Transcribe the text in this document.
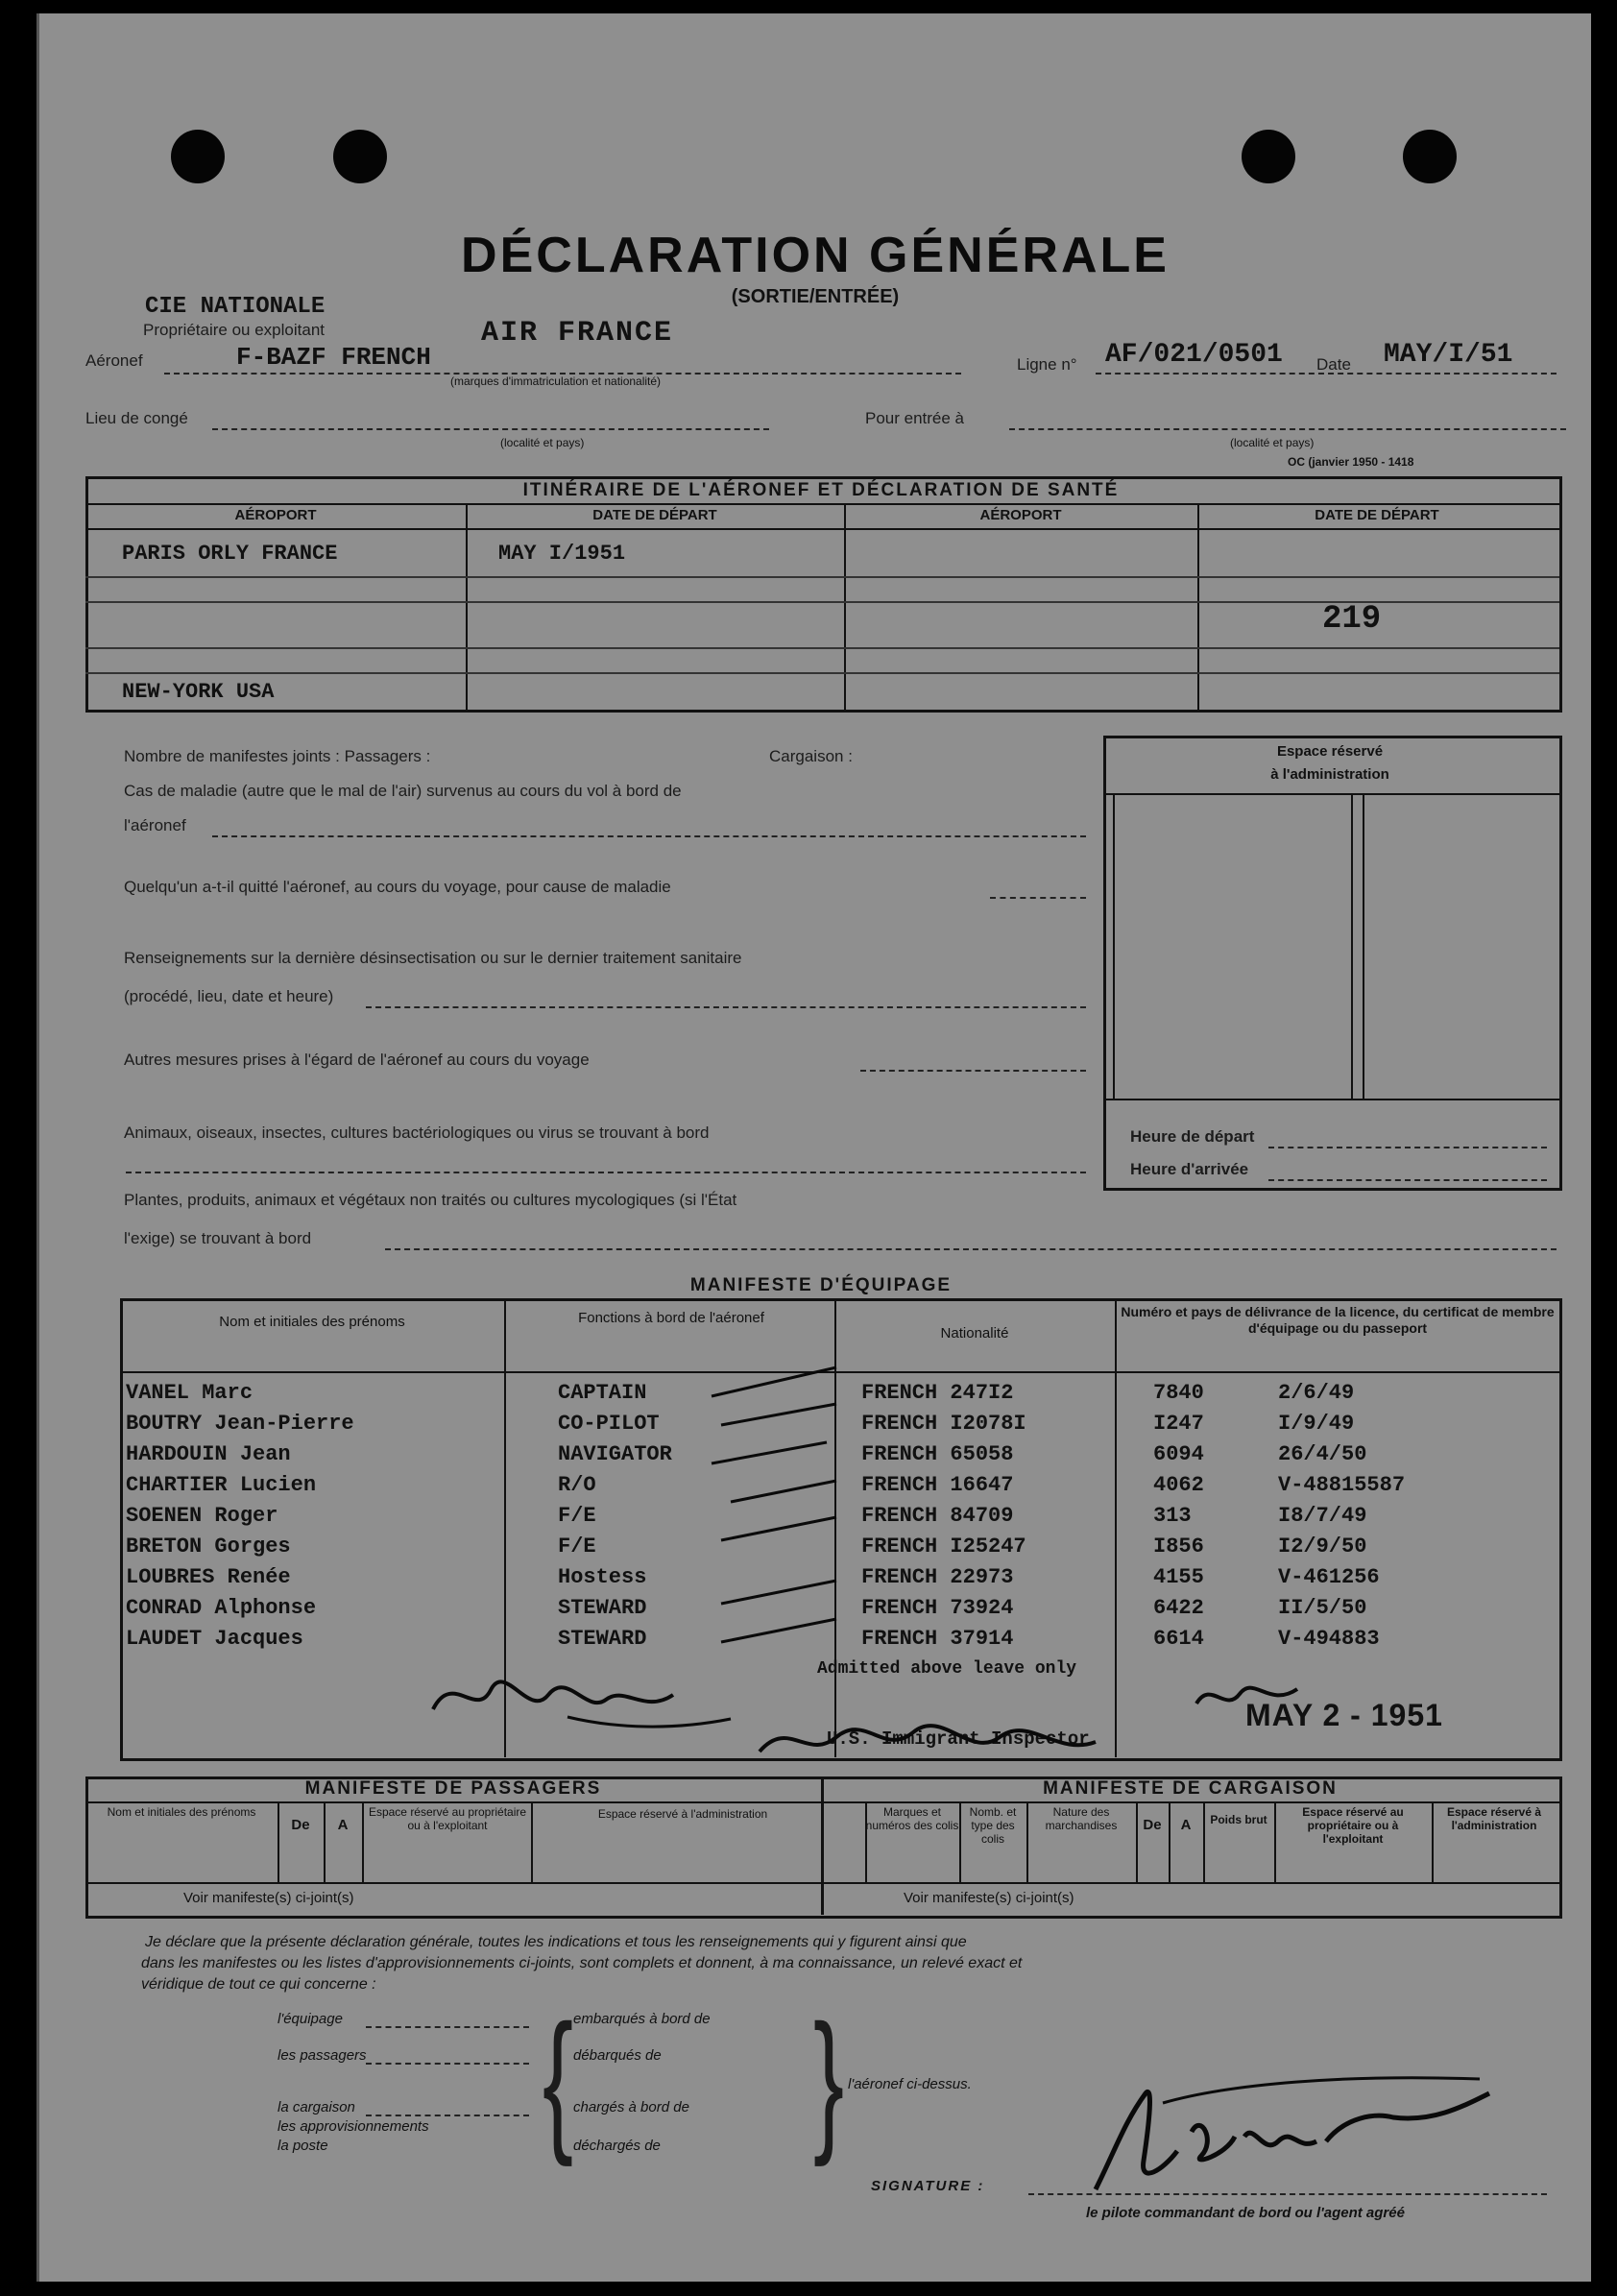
DÉCLARATION GÉNÉRALE
(SORTIE/ENTRÉE)
CIE NATIONALE
Propriétaire ou exploitant	AIR FRANCE
Aéronef	F-BAZF FRENCH
(marques d'immatriculation et nationalité)
Ligne n° AF/021/0501 Date MAY/I/51
Lieu de congé
(localité et pays)
Pour entrée à
(localité et pays)
OC (janvier 1950 - 1418
ITINÉRAIRE DE L'AÉRONEF ET DÉCLARATION DE SANTÉ
AÉROPORT	DATE DE DÉPART	AÉROPORT	DATE DE DÉPART
PARIS ORLY FRANCE	MAY I/1951
219
NEW-YORK USA
Nombre de manifestes joints : Passagers :	Cargaison :
Cas de maladie (autre que le mal de l'air) survenus au cours du vol à bord de
l'aéronef
Quelqu'un a-t-il quitté l'aéronef, au cours du voyage, pour cause de maladie
Renseignements sur la dernière désinsectisation ou sur le dernier traitement sanitaire
(procédé, lieu, date et heure)
Autres mesures prises à l'égard de l'aéronef au cours du voyage
Animaux, oiseaux, insectes, cultures bactériologiques ou virus se trouvant à bord
Plantes, produits, animaux et végétaux non traités ou cultures mycologiques (si l'État
l'exige) se trouvant à bord
Espace réservé
à l'administration
Heure de départ
Heure d'arrivée
MANIFESTE D'ÉQUIPAGE
Nom et initiales des prénoms	Fonctions à bord de l'aéronef
Nationalité
Numéro et pays de délivrance de la licence, du certificat de membre d'équipage ou du passeport
VANEL Marc	CAPTAIN	FRENCH 247I2	7840	2/6/49
BOUTRY Jean-Pierre	CO-PILOT	FRENCH I2078I	I247	I/9/49
HARDOUIN Jean	NAVIGATOR	FRENCH 65058	6094	26/4/50
CHARTIER Lucien	R/O	FRENCH 16647	4062	V-48815587
SOENEN Roger	F/E	FRENCH 84709	313	I8/7/49
BRETON Gorges	F/E	FRENCH I25247	I856	I2/9/50
LOUBRES Renée	Hostess	FRENCH 22973	4155	V-461256
CONRAD Alphonse	STEWARD	FRENCH 73924	6422	II/5/50
LAUDET Jacques	STEWARD	FRENCH 37914	6614	V-494883
Admitted above leave only
U.S. Immigrant Inspector
MAY 2 - 1951
MANIFESTE DE PASSAGERS	MANIFESTE DE CARGAISON
Nom et initiales des prénoms
De	A
Espace réservé au propriétaire ou à l'exploitant
Espace réservé à l'administration
Voir manifeste(s) ci-joint(s)
Marques et numéros des colis
Nomb. et type des colis
Nature des marchandises	De	A	Poids brut
Espace réservé au propriétaire ou à l'exploitant
Espace réservé à l'administration
Voir manifeste(s) ci-joint(s)
Je déclare que la présente déclaration générale, toutes les indications et tous les renseignements qui y figurent ainsi que
dans les manifestes ou les listes d'approvisionnements ci-joints, sont complets et donnent, à ma connaissance, un relevé exact et
véridique de tout ce qui concerne :
l'équipage
les passagers
la cargaison
les approvisionnements
la poste { embarqués à bord de
débarqués de
chargés à bord de
déchargés de } l'aéronef ci-dessus.
SIGNATURE :
le pilote commandant de bord ou l'agent agréé
